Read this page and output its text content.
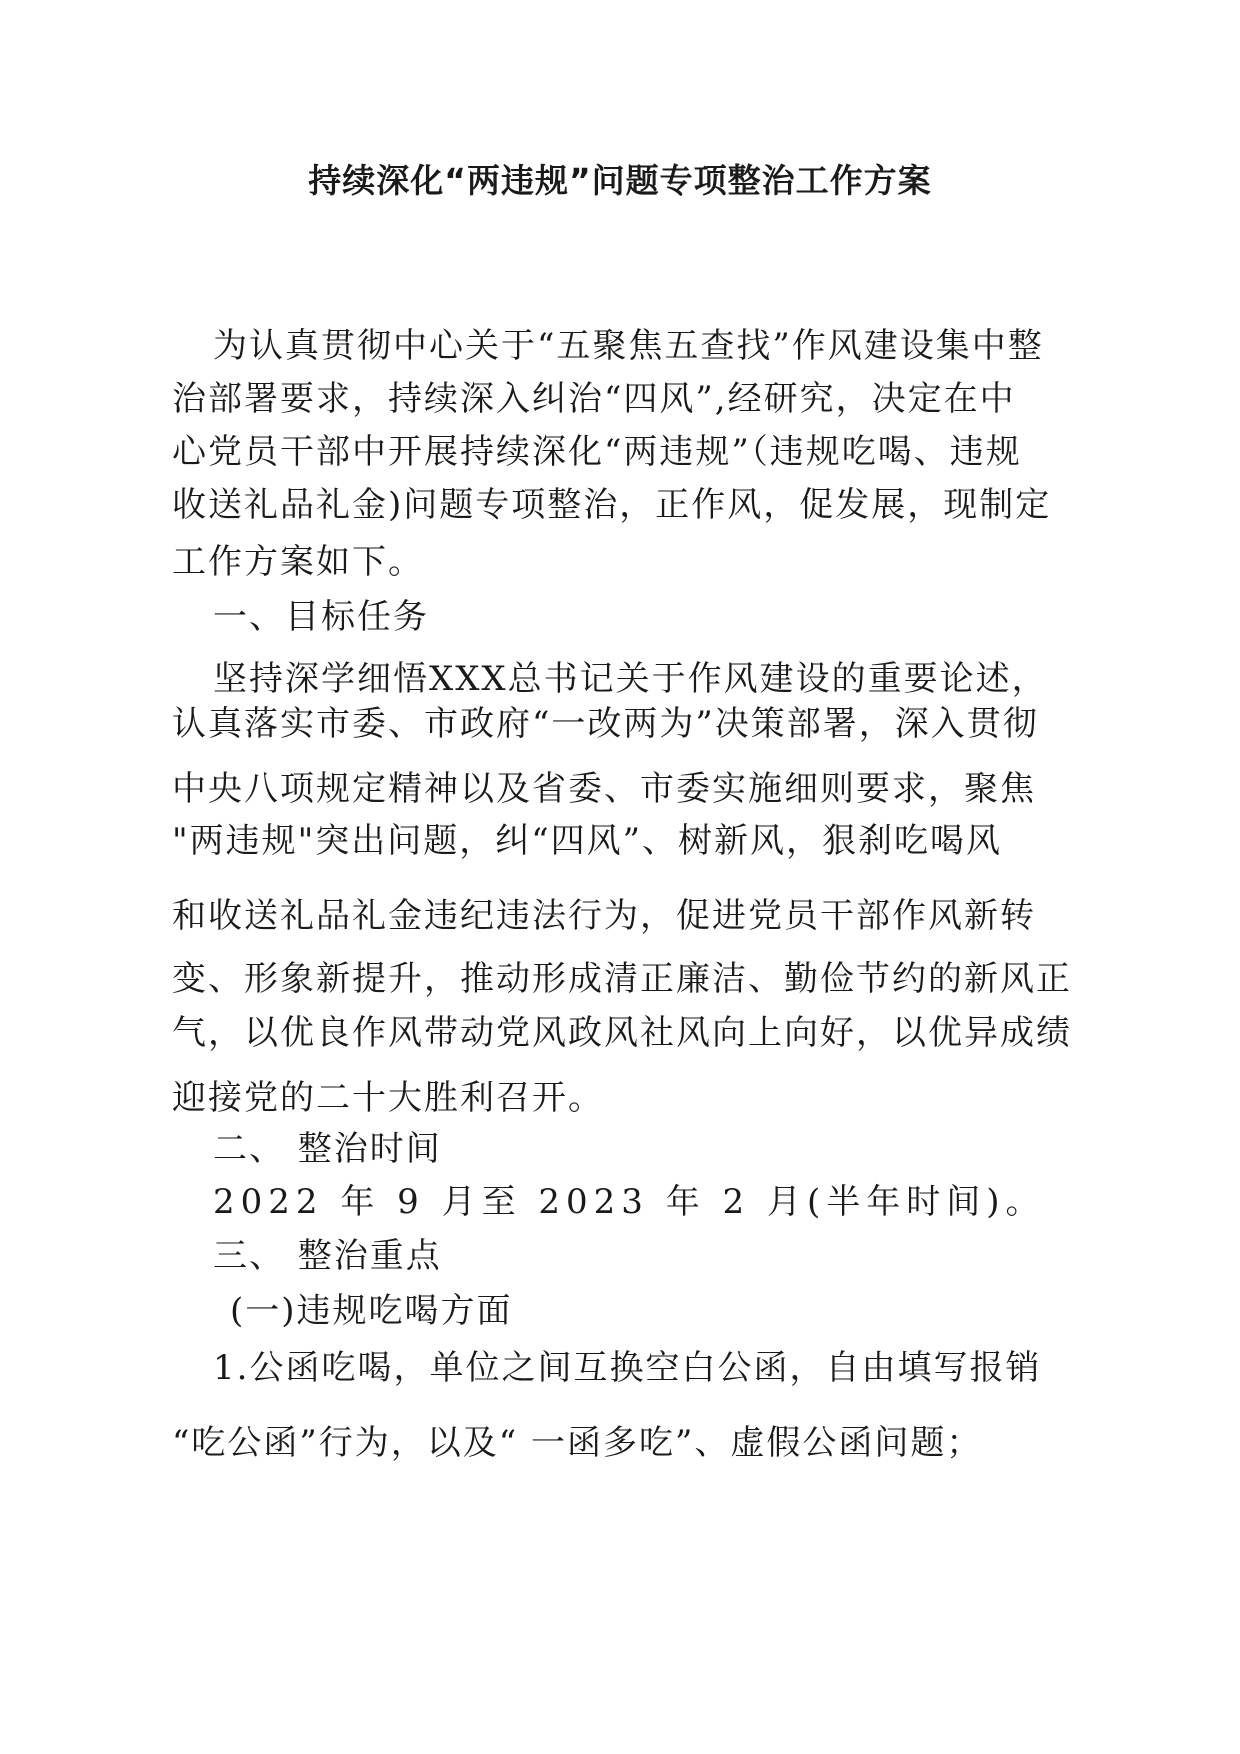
持续深化“两违规”问题专项整治工作方案
为认真贯彻中心关于“五聚焦五查找”作风建设集中整
治部署要求，持续深入纠治“四风”,经研究，决定在中
心党员干部中开展持续深化“两违规”（违规吃喝、违规
收送礼品礼金)问题专项整治，正作风，促发展，现制定
工作方案如下。
一、目标任务
坚持深学细悟XXX总书记关于作风建设的重要论述，
认真落实市委、市政府“一改两为”决策部署，深入贯彻
中央八项规定精神以及省委、市委实施细则要求，聚焦
"两违规"突出问题，纠“四风”、树新风，狠刹吃喝风
和收送礼品礼金违纪违法行为，促进党员干部作风新转
变、形象新提升，推动形成清正廉洁、勤俭节约的新风正
气，以优良作风带动党风政风社风向上向好，以优异成绩
迎接党的二十大胜利召开。
二、 整治时间
2022 年 9 月至 2023 年 2 月(半年时间)。
三、 整治重点
(一)违规吃喝方面
1.公函吃喝，单位之间互换空白公函，自由填写报销
“吃公函”行为，以及“ 一函多吃”、虚假公函问题；
